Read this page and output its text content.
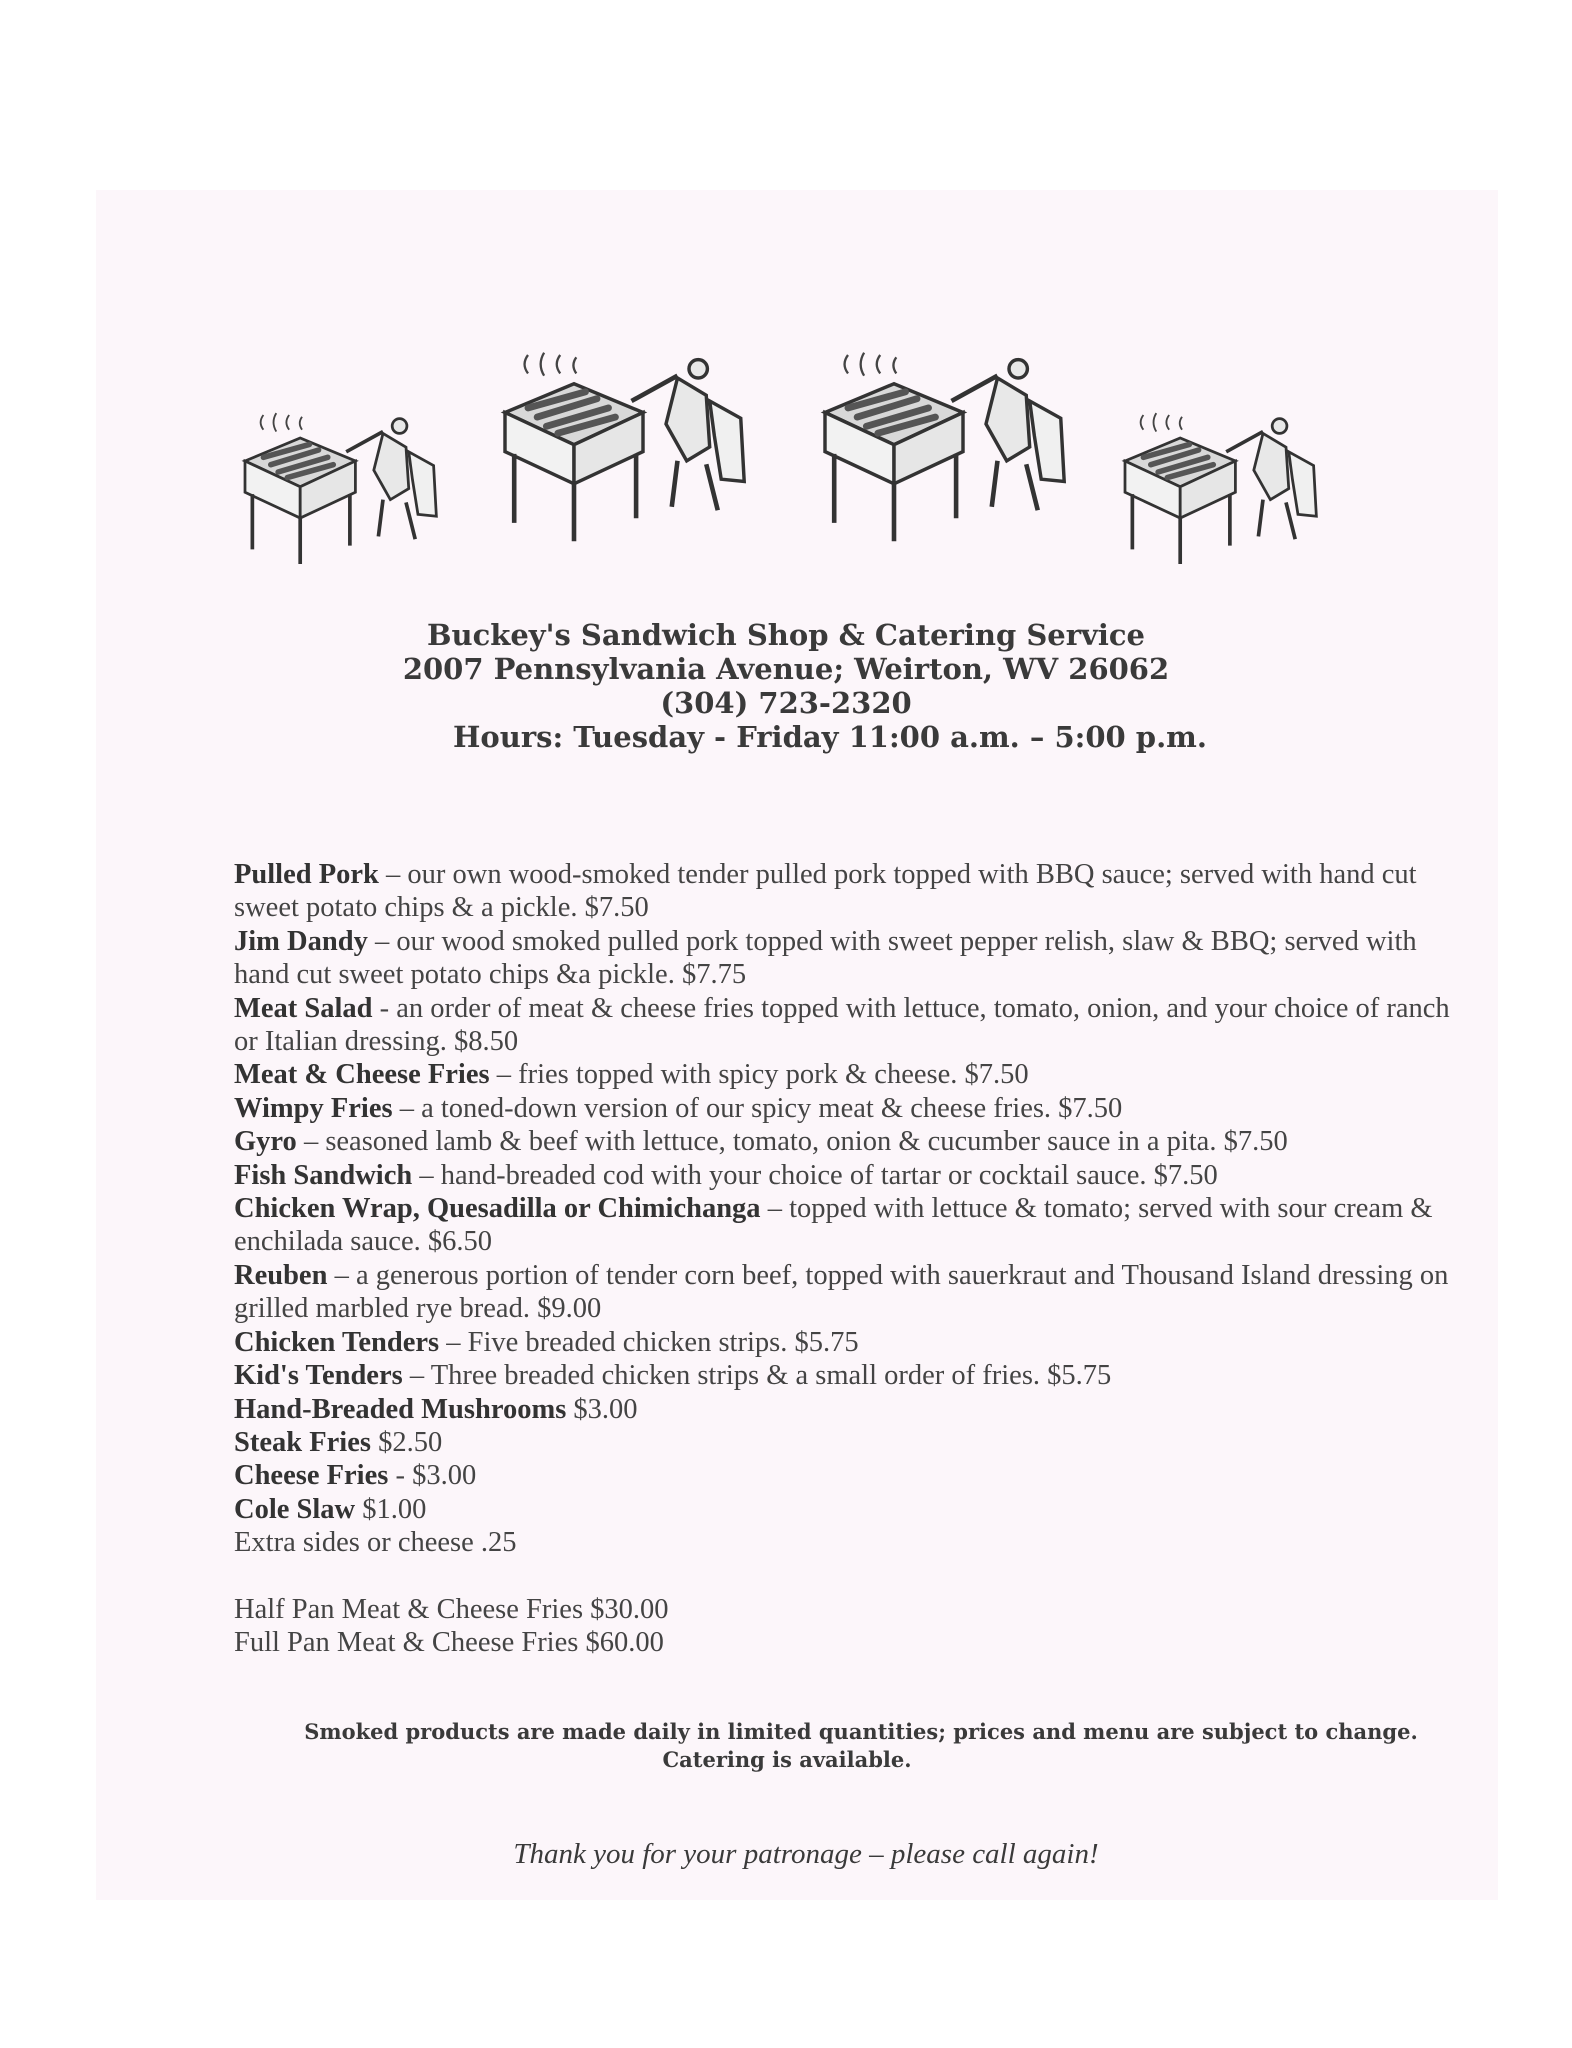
Buckey's Sandwich Shop & Catering Service
2007 Pennsylvania Avenue; Weirton, WV 26062
(304) 723-2320
Hours: Tuesday - Friday 11:00 a.m. – 5:00 p.m.

Pulled Pork – our own wood-smoked tender pulled pork topped with BBQ sauce; served with hand cut sweet potato chips & a pickle. $7.50

Jim Dandy – our wood smoked pulled pork topped with sweet pepper relish, slaw & BBQ; served with hand cut sweet potato chips &a pickle. $7.75

Meat Salad - an order of meat & cheese fries topped with lettuce, tomato, onion, and your choice of ranch or Italian dressing. $8.50

Meat & Cheese Fries – fries topped with spicy pork & cheese. $7.50

Wimpy Fries – a toned-down version of our spicy meat & cheese fries. $7.50

Gyro – seasoned lamb & beef with lettuce, tomato, onion & cucumber sauce in a pita. $7.50

Fish Sandwich – hand-breaded cod with your choice of tartar or cocktail sauce. $7.50

Chicken Wrap, Quesadilla or Chimichanga – topped with lettuce & tomato; served with sour cream & enchilada sauce. $6.50

Reuben – a generous portion of tender corn beef, topped with sauerkraut and Thousand Island dressing on grilled marbled rye bread. $9.00

Chicken Tenders – Five breaded chicken strips. $5.75

Kid's Tenders – Three breaded chicken strips & a small order of fries. $5.75

Hand-Breaded Mushrooms $3.00

Steak Fries $2.50

Cheese Fries - $3.00

Cole Slaw $1.00

Extra sides or cheese .25

Half Pan Meat & Cheese Fries $30.00

Full Pan Meat & Cheese Fries $60.00

Smoked products are made daily in limited quantities; prices and menu are subject to change.
Catering is available.
Thank you for your patronage – please call again!
